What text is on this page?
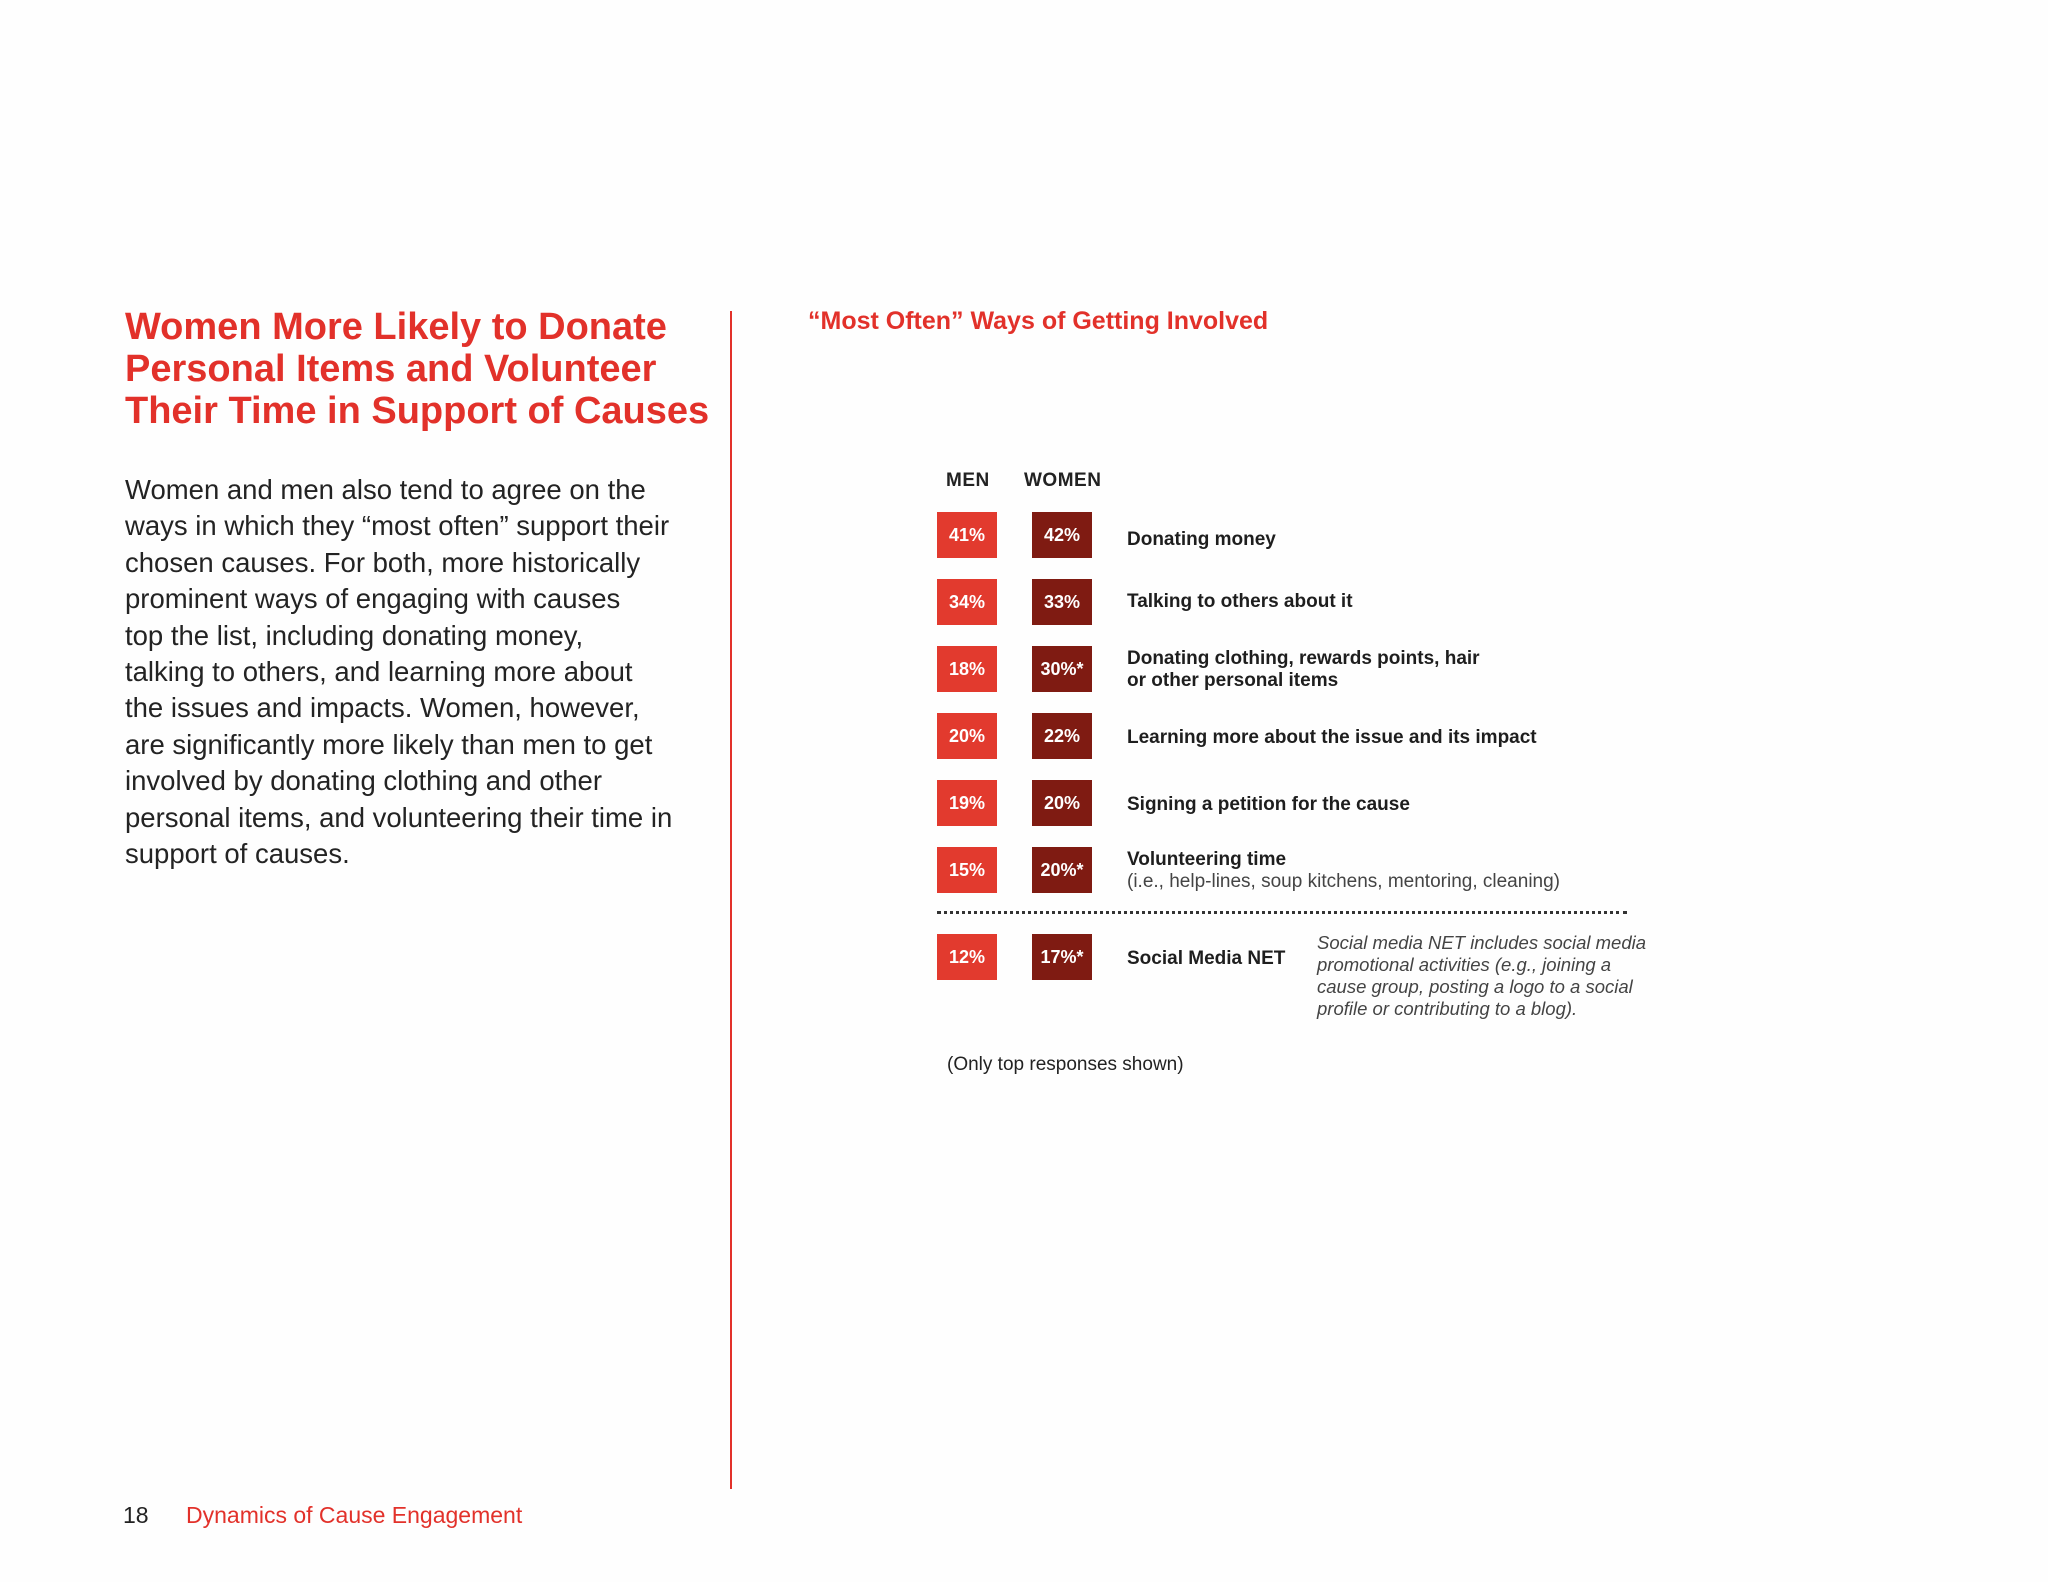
Women More Likely to Donate
Personal Items and Volunteer
Their Time in Support of Causes

Women and men also tend to agree on the
ways in which they “most often” support their
chosen causes. For both, more historically
prominent ways of engaging with causes
top the list, including donating money,
talking to others, and learning more about
the issues and impacts. Women, however,
are significantly more likely than men to get
involved by donating clothing and other
personal items, and volunteering their time in
support of causes.

“Most Often” Ways of Getting Involved
MEN WOMEN
41%	42%	Donating money
34%	33%	Talking to others about it
18%	30%*	Donating clothing, rewards points, hair
or other personal items
20%	22%	Learning more about the issue and its impact
19%	20%	Signing a petition for the cause
15%	20%*	Volunteering time
(i.e., help-lines, soup kitchens, mentoring, cleaning)
12%	17%*	Social Media NET
Social media NET includes social media
promotional activities (e.g., joining a
cause group, posting a logo to a social
profile or contributing to a blog).
(Only top responses shown)
18 Dynamics of Cause Engagement
